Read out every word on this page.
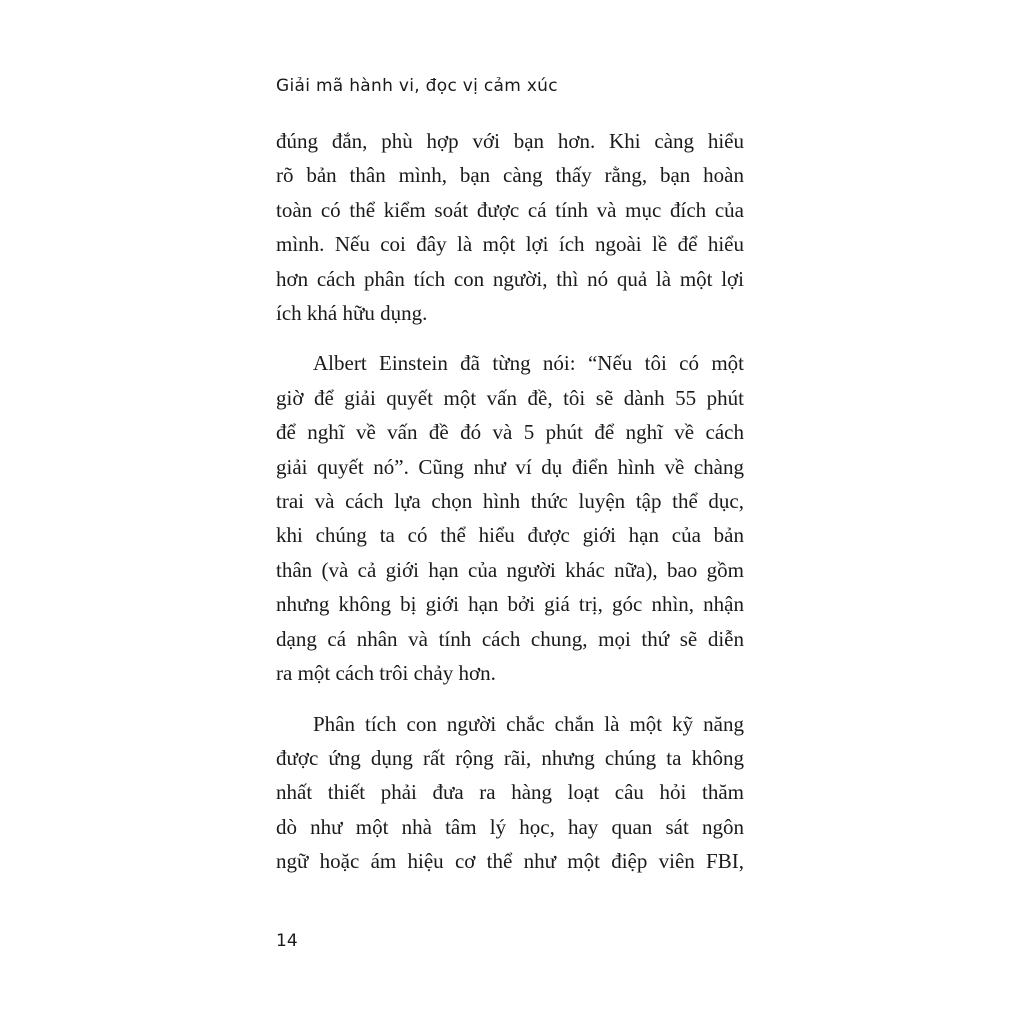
Giải mã hành vi, đọc vị cảm xúc

đúng đắn, phù hợp với bạn hơn. Khi càng hiểu
rõ bản thân mình, bạn càng thấy rằng, bạn hoàn
toàn có thể kiểm soát được cá tính và mục đích của
mình. Nếu coi đây là một lợi ích ngoài lề để hiểu
hơn cách phân tích con người, thì nó quả là một lợi
ích khá hữu dụng.

Albert Einstein đã từng nói: “Nếu tôi có một
giờ để giải quyết một vấn đề, tôi sẽ dành 55 phút
để nghĩ về vấn đề đó và 5 phút để nghĩ về cách
giải quyết nó”. Cũng như ví dụ điển hình về chàng
trai và cách lựa chọn hình thức luyện tập thể dục,
khi chúng ta có thể hiểu được giới hạn của bản
thân (và cả giới hạn của người khác nữa), bao gồm
nhưng không bị giới hạn bởi giá trị, góc nhìn, nhận
dạng cá nhân và tính cách chung, mọi thứ sẽ diễn
ra một cách trôi chảy hơn.

Phân tích con người chắc chắn là một kỹ năng
được ứng dụng rất rộng rãi, nhưng chúng ta không
nhất thiết phải đưa ra hàng loạt câu hỏi thăm
dò như một nhà tâm lý học, hay quan sát ngôn
ngữ hoặc ám hiệu cơ thể như một điệp viên FBI,

14
